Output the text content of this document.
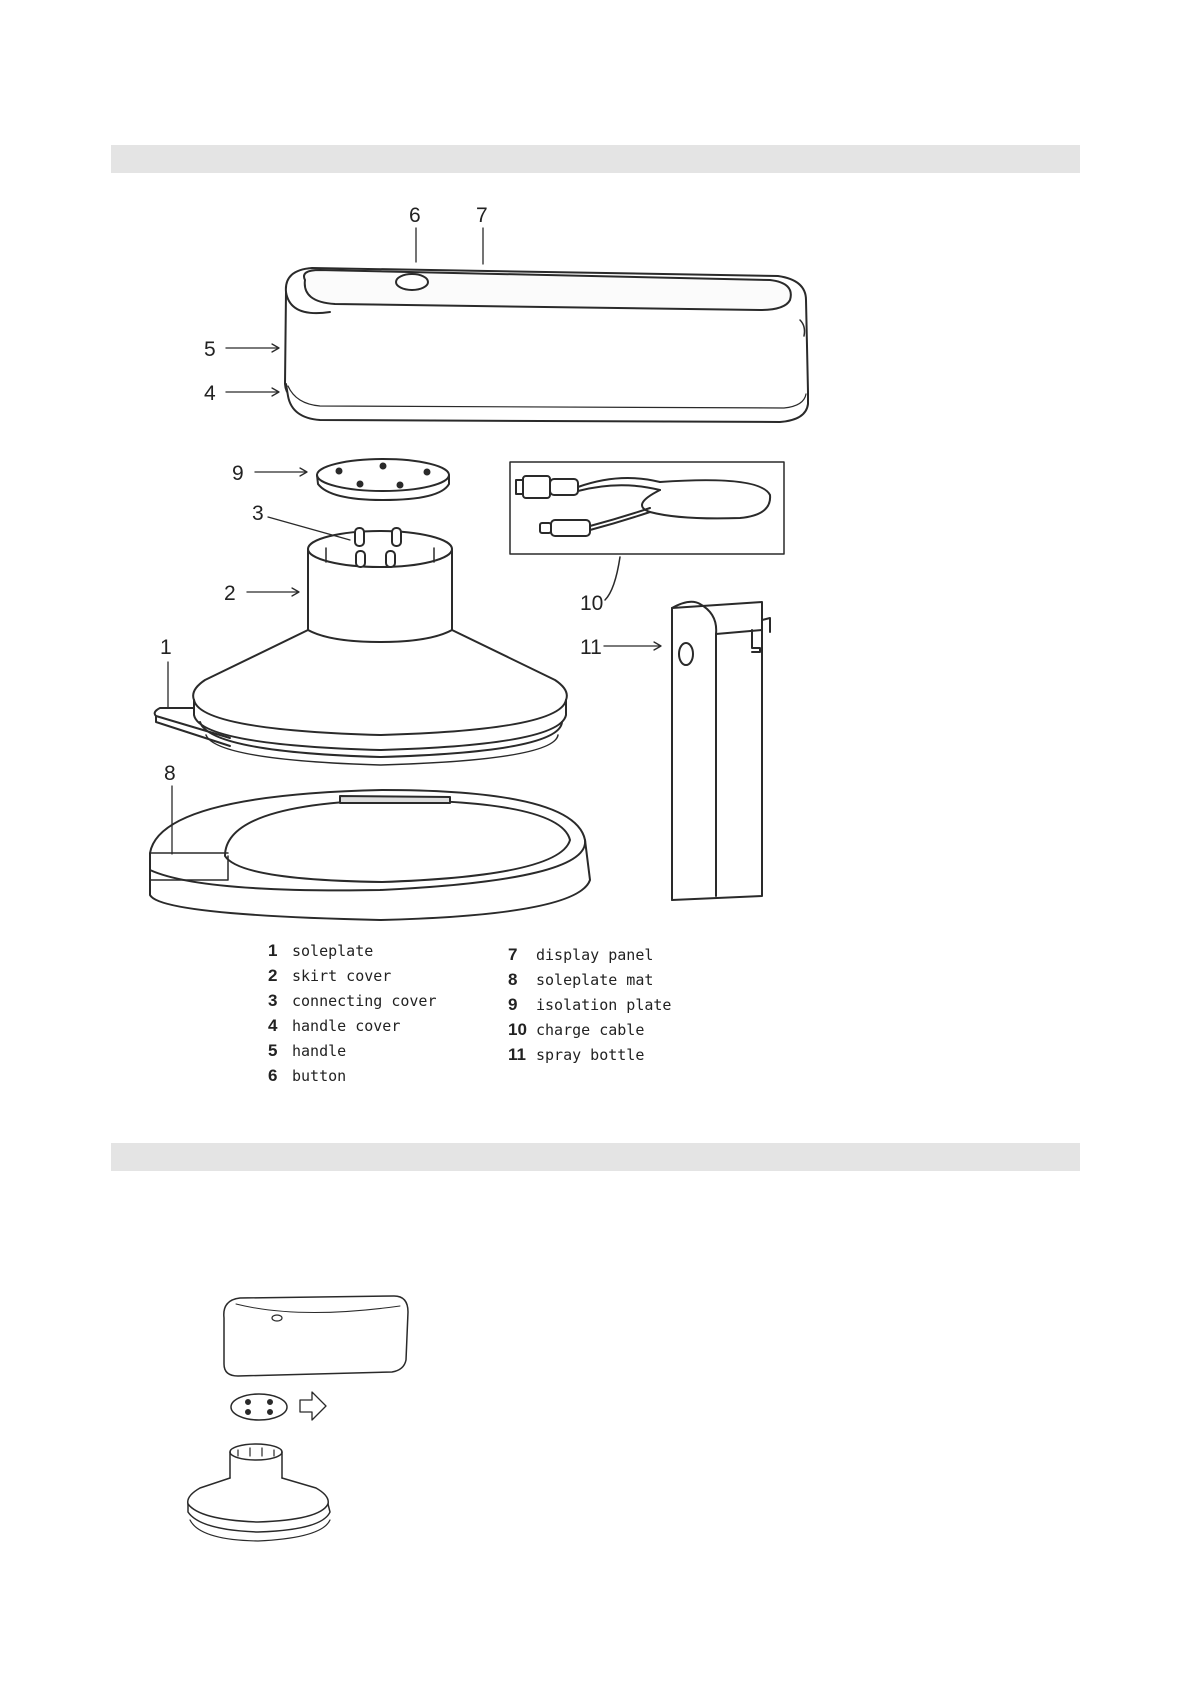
6	7
5
4
9
3
2
1
8
10
11
1 soleplate
2 skirt cover
3 connecting cover
4 handle cover
5 handle
6 button
7 display panel
8 soleplate mat
9 isolation plate
10 charge cable
11 spray bottle
